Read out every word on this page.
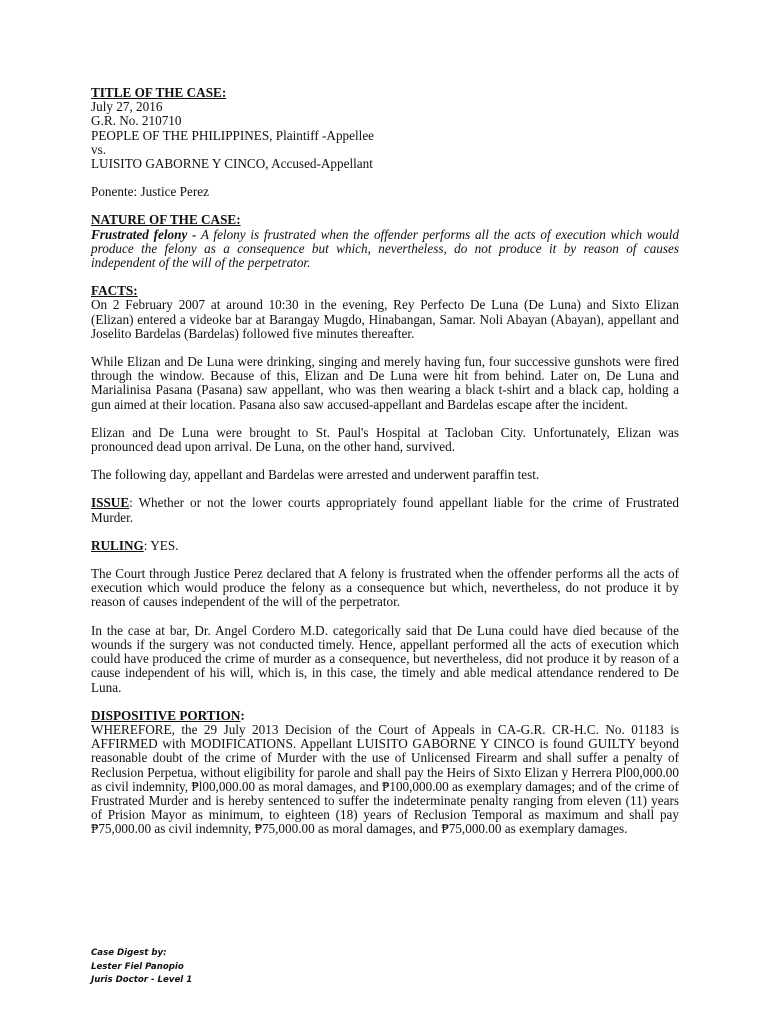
TITLE OF THE CASE:

July 27, 2016

G.R. No. 210710

PEOPLE OF THE PHILIPPINES, Plaintiff -Appellee

vs.

LUISITO GABORNE Y CINCO, Accused-Appellant

Ponente: Justice Perez

NATURE OF THE CASE:

Frustrated felony - A felony is frustrated when the offender performs all the acts of execution which would produce the felony as a consequence but which, nevertheless, do not produce it by reason of causes independent of the will of the perpetrator.

FACTS:

On 2 February 2007 at around 10:30 in the evening, Rey Perfecto De Luna (De Luna) and Sixto Elizan (Elizan) entered a videoke bar at Barangay Mugdo, Hinabangan, Samar. Noli Abayan (Abayan), appellant and Joselito Bardelas (Bardelas) followed five minutes thereafter.

While Elizan and De Luna were drinking, singing and merely having fun, four successive gunshots were fired through the window. Because of this, Elizan and De Luna were hit from behind. Later on, De Luna and Marialinisa Pasana (Pasana) saw appellant, who was then wearing a black t-shirt and a black cap, holding a gun aimed at their location. Pasana also saw accused-appellant and Bardelas escape after the incident.

Elizan and De Luna were brought to St. Paul's Hospital at Tacloban City. Unfortunately, Elizan was pronounced dead upon arrival. De Luna, on the other hand, survived.

The following day, appellant and Bardelas were arrested and underwent paraffin test.

ISSUE: Whether or not the lower courts appropriately found appellant liable for the crime of Frustrated Murder.

RULING: YES.

The Court through Justice Perez declared that A felony is frustrated when the offender performs all the acts of execution which would produce the felony as a consequence but which, nevertheless, do not produce it by reason of causes independent of the will of the perpetrator.

In the case at bar, Dr. Angel Cordero M.D. categorically said that De Luna could have died because of the wounds if the surgery was not conducted timely. Hence, appellant performed all the acts of execution which could have produced the crime of murder as a consequence, but nevertheless, did not produce it by reason of a cause independent of his will, which is, in this case, the timely and able medical attendance rendered to De Luna.

DISPOSITIVE PORTION:

WHEREFORE, the 29 July 2013 Decision of the Court of Appeals in CA-G.R. CR-H.C. No. 01183 is AFFIRMED with MODIFICATIONS. Appellant LUISITO GABORNE Y CINCO is found GUILTY beyond reasonable doubt of the crime of Murder with the use of Unlicensed Firearm and shall suffer a penalty of Reclusion Perpetua, without eligibility for parole and shall pay the Heirs of Sixto Elizan y Herrera Pl00,000.00 as civil indemnity, ₱l00,000.00 as moral damages, and ₱100,000.00 as exemplary damages; and of the crime of Frustrated Murder and is hereby sentenced to suffer the indeterminate penalty ranging from eleven (11) years of Prision Mayor as minimum, to eighteen (18) years of Reclusion Temporal as maximum and shall pay ₱75,000.00 as civil indemnity, ₱75,000.00 as moral damages, and ₱75,000.00 as exemplary damages.

Case Digest by:
Lester Fiel Panopio
Juris Doctor - Level 1
